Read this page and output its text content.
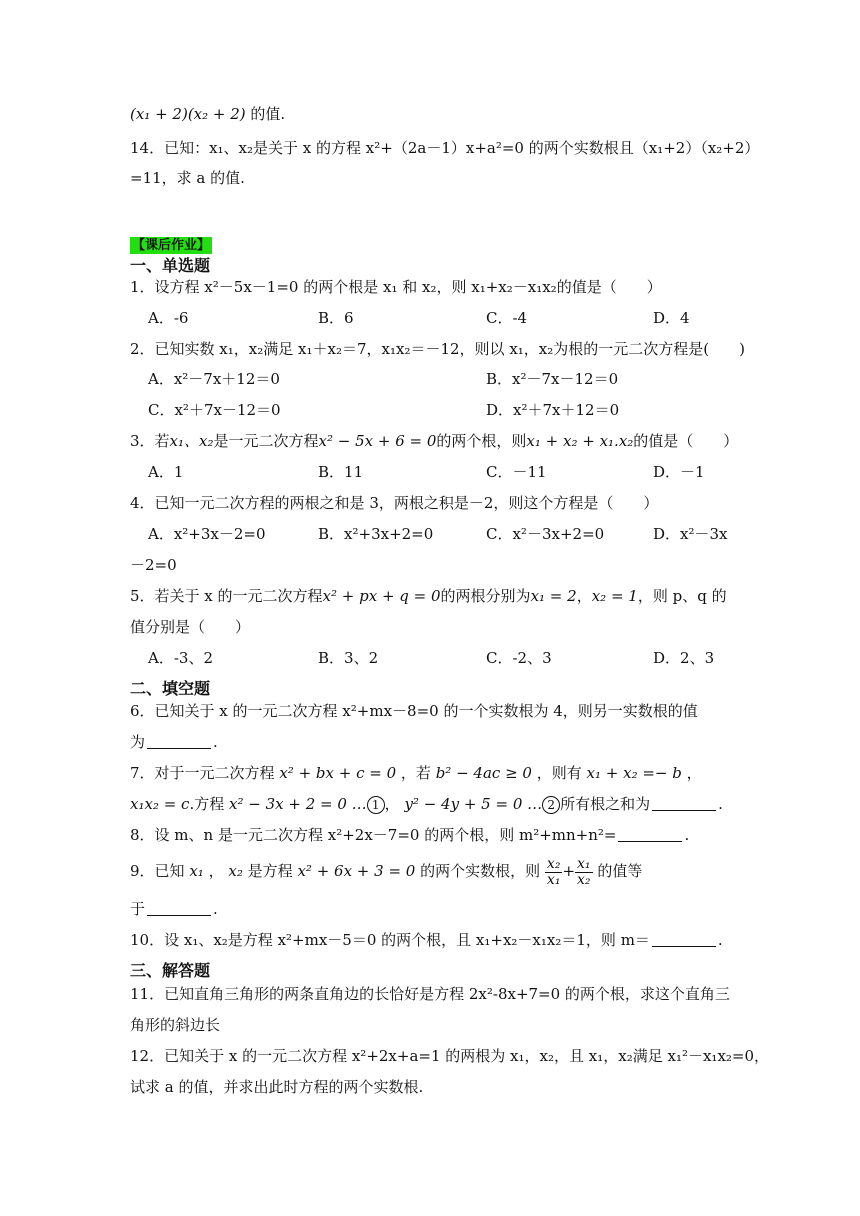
(x₁ + 2)(x₂ + 2) 的值.
14．已知：x₁、x₂是关于 x 的方程 x²+（2a－1）x+a²=0 的两个实数根且（x₁+2）（x₂+2）
=11，求 a 的值.
【课后作业】
一、单选题
1．设方程 x²－5x－1=0 的两个根是 x₁ 和 x₂，则 x₁+x₂－x₁x₂的值是（　　）
A．-6	B．6	C．-4	D．4
2．已知实数 x₁，x₂满足 x₁＋x₂＝7，x₁x₂＝－12，则以 x₁，x₂为根的一元二次方程是(　　)
A．x²－7x＋12＝0	B．x²－7x－12＝0
C．x²＋7x－12＝0	D．x²＋7x＋12＝0
3．若x₁、x₂是一元二次方程x² − 5x + 6 = 0的两个根，则x₁ + x₂ + x₁.x₂的值是（　　）
A．1	B．11	C．－11	D．－1
4．已知一元二次方程的两根之和是 3，两根之积是－2，则这个方程是（　　）
A．x²+3x－2=0	B．x²+3x+2=0	C．x²－3x+2=0	D．x²－3x
－2=0
5．若关于 x 的一元二次方程x² + px + q = 0的两根分别为x₁ = 2，x₂ = 1，则 p、q 的
值分别是（　　）
A．-3、2	B．3、2	C．-2、3	D．2、3
二、填空题
6．已知关于 x 的一元二次方程 x²+mx－8=0 的一个实数根为 4，则另一实数根的值
为	.
7．对于一元二次方程 x² + bx + c = 0 ，若 b² − 4ac ≥ 0 ，则有 x₁ + x₂ =− b ，
x₁x₂ = c.方程 x² − 3x + 2 = 0 … 1 ， y² − 4y + 5 = 0 … 2 所有根之和为	.
8．设 m、n 是一元二次方程 x²+2x－7=0 的两个根，则 m²+mn+n²=	.
9．已知 x₁ ， x₂ 是方程 x² + 6x + 3 = 0 的两个实数根，则 $\frac{\text{x₂}}{\text{x₁}} + \frac{\text{x₁}}{\text{x₂}}$ 的值等
于	.
10．设 x₁、x₂是方程 x²+mx－5＝0 的两个根，且 x₁+x₂－x₁x₂＝1，则 m＝	.
三、解答题
11．已知直角三角形的两条直角边的长恰好是方程 2x²-8x+7=0 的两个根，求这个直角三
角形的斜边长
12．已知关于 x 的一元二次方程 x²+2x+a=1 的两根为 x₁，x₂，且 x₁，x₂满足 x₁²－x₁x₂=0，
试求 a 的值，并求出此时方程的两个实数根.
